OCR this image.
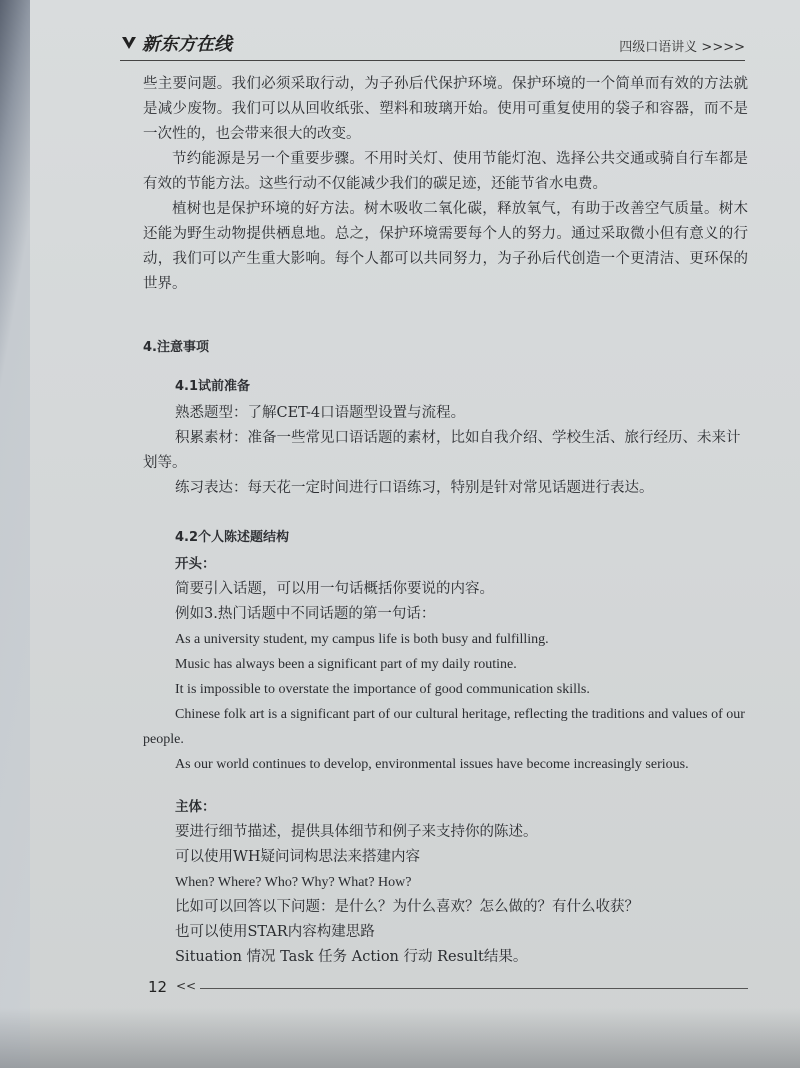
新东方在线	四级口语讲义 >>>>

些主要问题。我们必须采取行动，为子孙后代保护环境。保护环境的一个简单而有效的方法就是减少废物。我们可以从回收纸张、塑料和玻璃开始。使用可重复使用的袋子和容器，而不是一次性的，也会带来很大的改变。

节约能源是另一个重要步骤。不用时关灯、使用节能灯泡、选择公共交通或骑自行车都是有效的节能方法。这些行动不仅能减少我们的碳足迹，还能节省水电费。

植树也是保护环境的好方法。树木吸收二氧化碳，释放氧气，有助于改善空气质量。树木还能为野生动物提供栖息地。总之，保护环境需要每个人的努力。通过采取微小但有意义的行动，我们可以产生重大影响。每个人都可以共同努力，为子孙后代创造一个更清洁、更环保的世界。

4.注意事项
4.1试前准备

熟悉题型：了解CET-4口语题型设置与流程。

积累素材：准备一些常见口语话题的素材，比如自我介绍、学校生活、旅行经历、未来计划等。

练习表达：每天花一定时间进行口语练习，特别是针对常见话题进行表达。

4.2个人陈述题结构

开头：

简要引入话题，可以用一句话概括你要说的内容。

例如3.热门话题中不同话题的第一句话：

As a university student, my campus life is both busy and fulfilling.

Music has always been a significant part of my daily routine.

It is impossible to overstate the importance of good communication skills.

Chinese folk art is a significant part of our cultural heritage, reflecting the traditions and values of our people.

As our world continues to develop, environmental issues have become increasingly serious.

主体：

要进行细节描述，提供具体细节和例子来支持你的陈述。

可以使用WH疑问词构思法来搭建内容

When? Where? Who? Why? What? How?

比如可以回答以下问题：是什么？为什么喜欢？怎么做的？有什么收获？

也可以使用STAR内容构建思路

Situation 情况 Task 任务 Action 行动 Result结果。

12 <<
